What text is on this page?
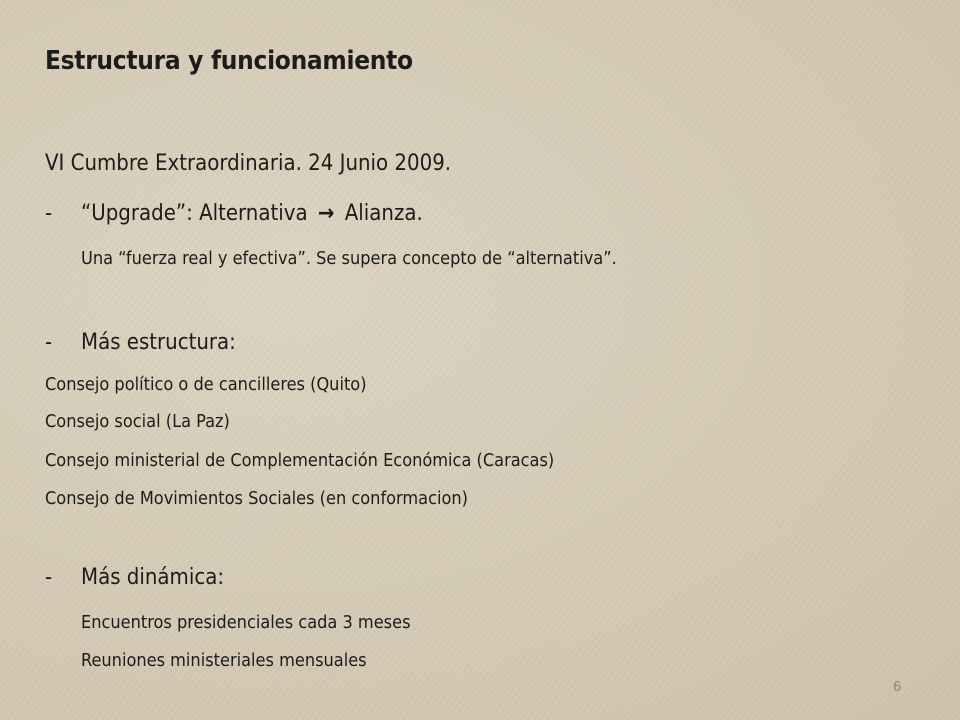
Estructura y funcionamiento
VI Cumbre Extraordinaria. 24 Junio 2009.
- “Upgrade”: Alternativa → Alianza.
Una “fuerza real y efectiva”. Se supera concepto de “alternativa”.
- Más estructura:
Consejo político o de cancilleres (Quito)
Consejo social (La Paz)
Consejo ministerial de Complementación Económica (Caracas)
Consejo de Movimientos Sociales (en conformacion)
- Más dinámica:
Encuentros presidenciales cada 3 meses
Reuniones ministeriales mensuales
6
